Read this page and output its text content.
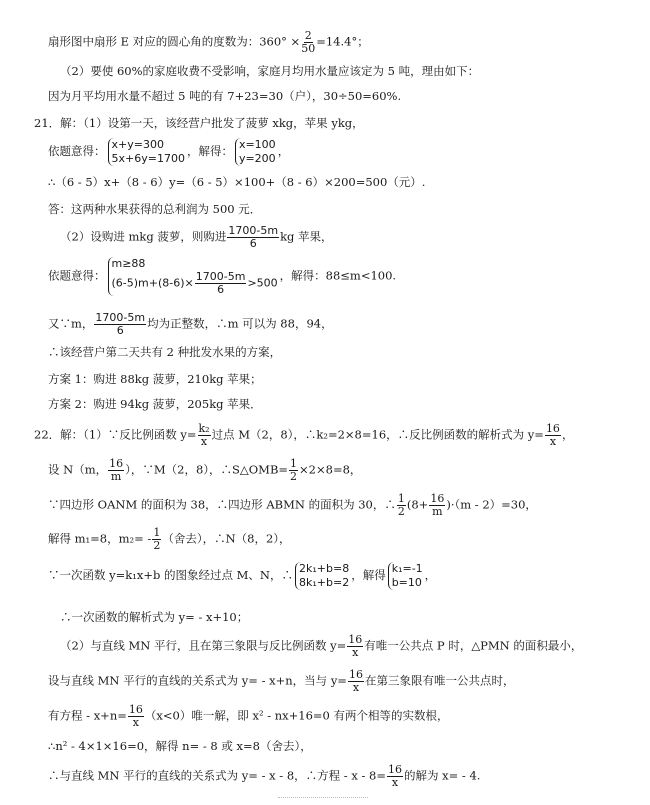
扇形图中扇形 E 对应的圆心角的度数为：$360^\circ \times \frac{2}{50} =14.4^\circ$；
（2）要使 60%的家庭收费不受影响，家庭月均用水量应该定为 5 吨，理由如下：
因为月平均用水量不超过 5 吨的有 7+23=30（户），30÷50=60%.
21．解：（1）设第一天，该经营户批发了菠萝 xkg，苹果 ykg，
依题意得： x+y=300
5x+6y=1700
，解得： x=100
y=200
，
∴（6 - 5）x+（8 - 6）y=（6 - 5）×100+（8 - 6）×200=500（元）.
答：这两种水果获得的总利润为 500 元．
（2）设购进 mkg 菠萝，则购进 $\frac{1700-5m}{6}$ kg 苹果，
依题意得：
m≥88
$(6-5)m+(8-6)\times \frac{1700-5m}{6} >500$
，解得：88≤m<100.
又∵m， $\frac{1700-5m}{6}$ 均为正整数，∴m 可以为 88，94，
∴该经营户第二天共有 2 种批发水果的方案，
方案 1：购进 88kg 菠萝，210kg 苹果；
方案 2：购进 94kg 菠萝，205kg 苹果．
22．解：（1）∵反比例函数 $y= \frac{\text{k₂}}{x}$ 过点 M（2，8），∴k₂=2×8=16，∴反比例函数的解析式为 $y= \frac{16}{x}$ ，
设 N（m， $\frac{16}{m}$ ），∵M（2，8），∴S△OMB= $\frac{1}{2} \times 2\times 8=8$，
∵四边形 OANM 的面积为 38，∴四边形 ABMN 的面积为 30，∴ $\frac{1}{2} (8+ \frac{16}{m} )\cdot(m - 2)=30$，
解得 m₁=8，$m_2= - \frac{1}{2}$ （舍去），∴N（8，2），
∵一次函数 y=k₁x+b 的图象经过点 M、N，∴ 2k₁+b=8
8k₁+b=2
，解得 k₁=-1
b=10
，
∴一次函数的解析式为 y= - x+10；
（2）与直线 MN 平行，且在第三象限与反比例函数 $y= \frac{16}{x}$ 有唯一公共点 P 时，△PMN 的面积最小，
设与直线 MN 平行的直线的关系式为 y= - x+n，当与 $y= \frac{16}{x}$ 在第三象限有唯一公共点时，
有方程 - $x+n= \frac{16}{x} (x<0)$唯一解，即 x² - nx+16=0 有两个相等的实数根，
∴n² - 4×1×16=0，解得 n= - 8 或 x=8（舍去），
∴与直线 MN 平行的直线的关系式为 y= - x - 8，∴方程 - $x - 8= \frac{16}{x}$ 的解为 x= - 4.
